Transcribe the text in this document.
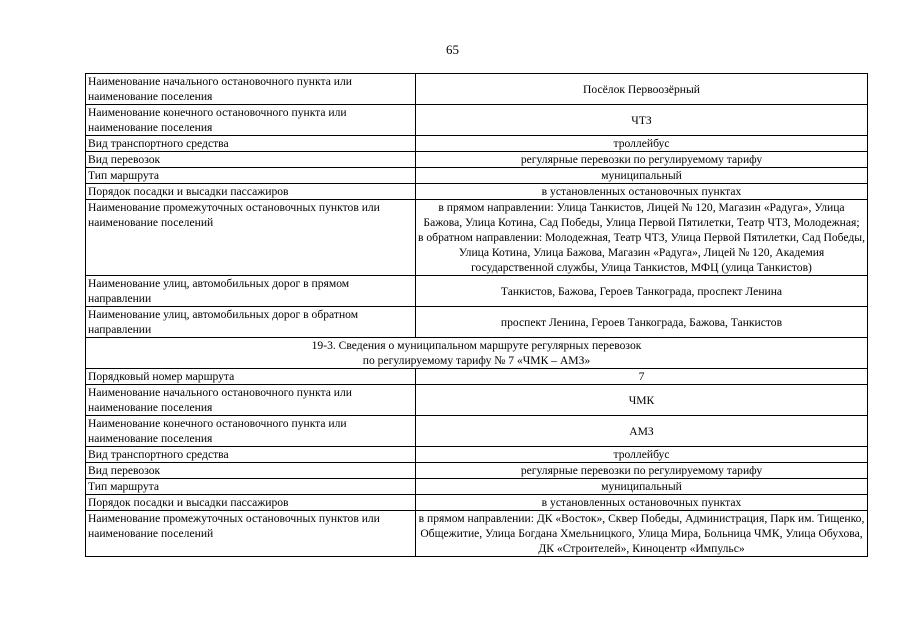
65
Наименование начального остановочного пункта или наименование поселения	Посёлок Первоозёрный
Наименование конечного остановочного пункта или наименование поселения	ЧТЗ
Вид транспортного средства	троллейбус
Вид перевозок	регулярные перевозки по регулируемому тарифу
Тип маршрута	муниципальный
Порядок посадки и высадки пассажиров	в установленных остановочных пунктах
Наименование промежуточных остановочных пунктов или наименование поселений	в прямом направлении: Улица Танкистов, Лицей № 120, Магазин «Радуга», Улица Бажова, Улица Котина, Сад Победы, Улица Первой Пятилетки, Театр ЧТЗ, Молодежная;
в обратном направлении: Молодежная, Театр ЧТЗ, Улица Первой Пятилетки, Сад Победы, Улица Котина, Улица Бажова, Магазин «Радуга», Лицей № 120, Академия государственной службы, Улица Танкистов, МФЦ (улица Танкистов)

Наименование улиц, автомобильных дорог в прямом направлении	Танкистов, Бажова, Героев Танкограда, проспект Ленина
Наименование улиц, автомобильных дорог в обратном направлении	проспект Ленина, Героев Танкограда, Бажова, Танкистов

19-3. Сведения о муниципальном маршруте регулярных перевозок
по регулируемому тарифу № 7 «ЧМК – АМЗ»	

Порядковый номер маршрута	7
Наименование начального остановочного пункта или наименование поселения	ЧМК
Наименование конечного остановочного пункта или наименование поселения	АМЗ
Вид транспортного средства	троллейбус
Вид перевозок	регулярные перевозки по регулируемому тарифу
Тип маршрута	муниципальный
Порядок посадки и высадки пассажиров	в установленных остановочных пунктах
Наименование промежуточных остановочных пунктов или наименование поселений	в прямом направлении: ДК «Восток», Сквер Победы, Администрация, Парк им. Тищенко, Общежитие, Улица Богдана Хмельницкого, Улица Мира, Больница ЧМК, Улица Обухова, ДК «Строителей», Киноцентр «Импульс»
